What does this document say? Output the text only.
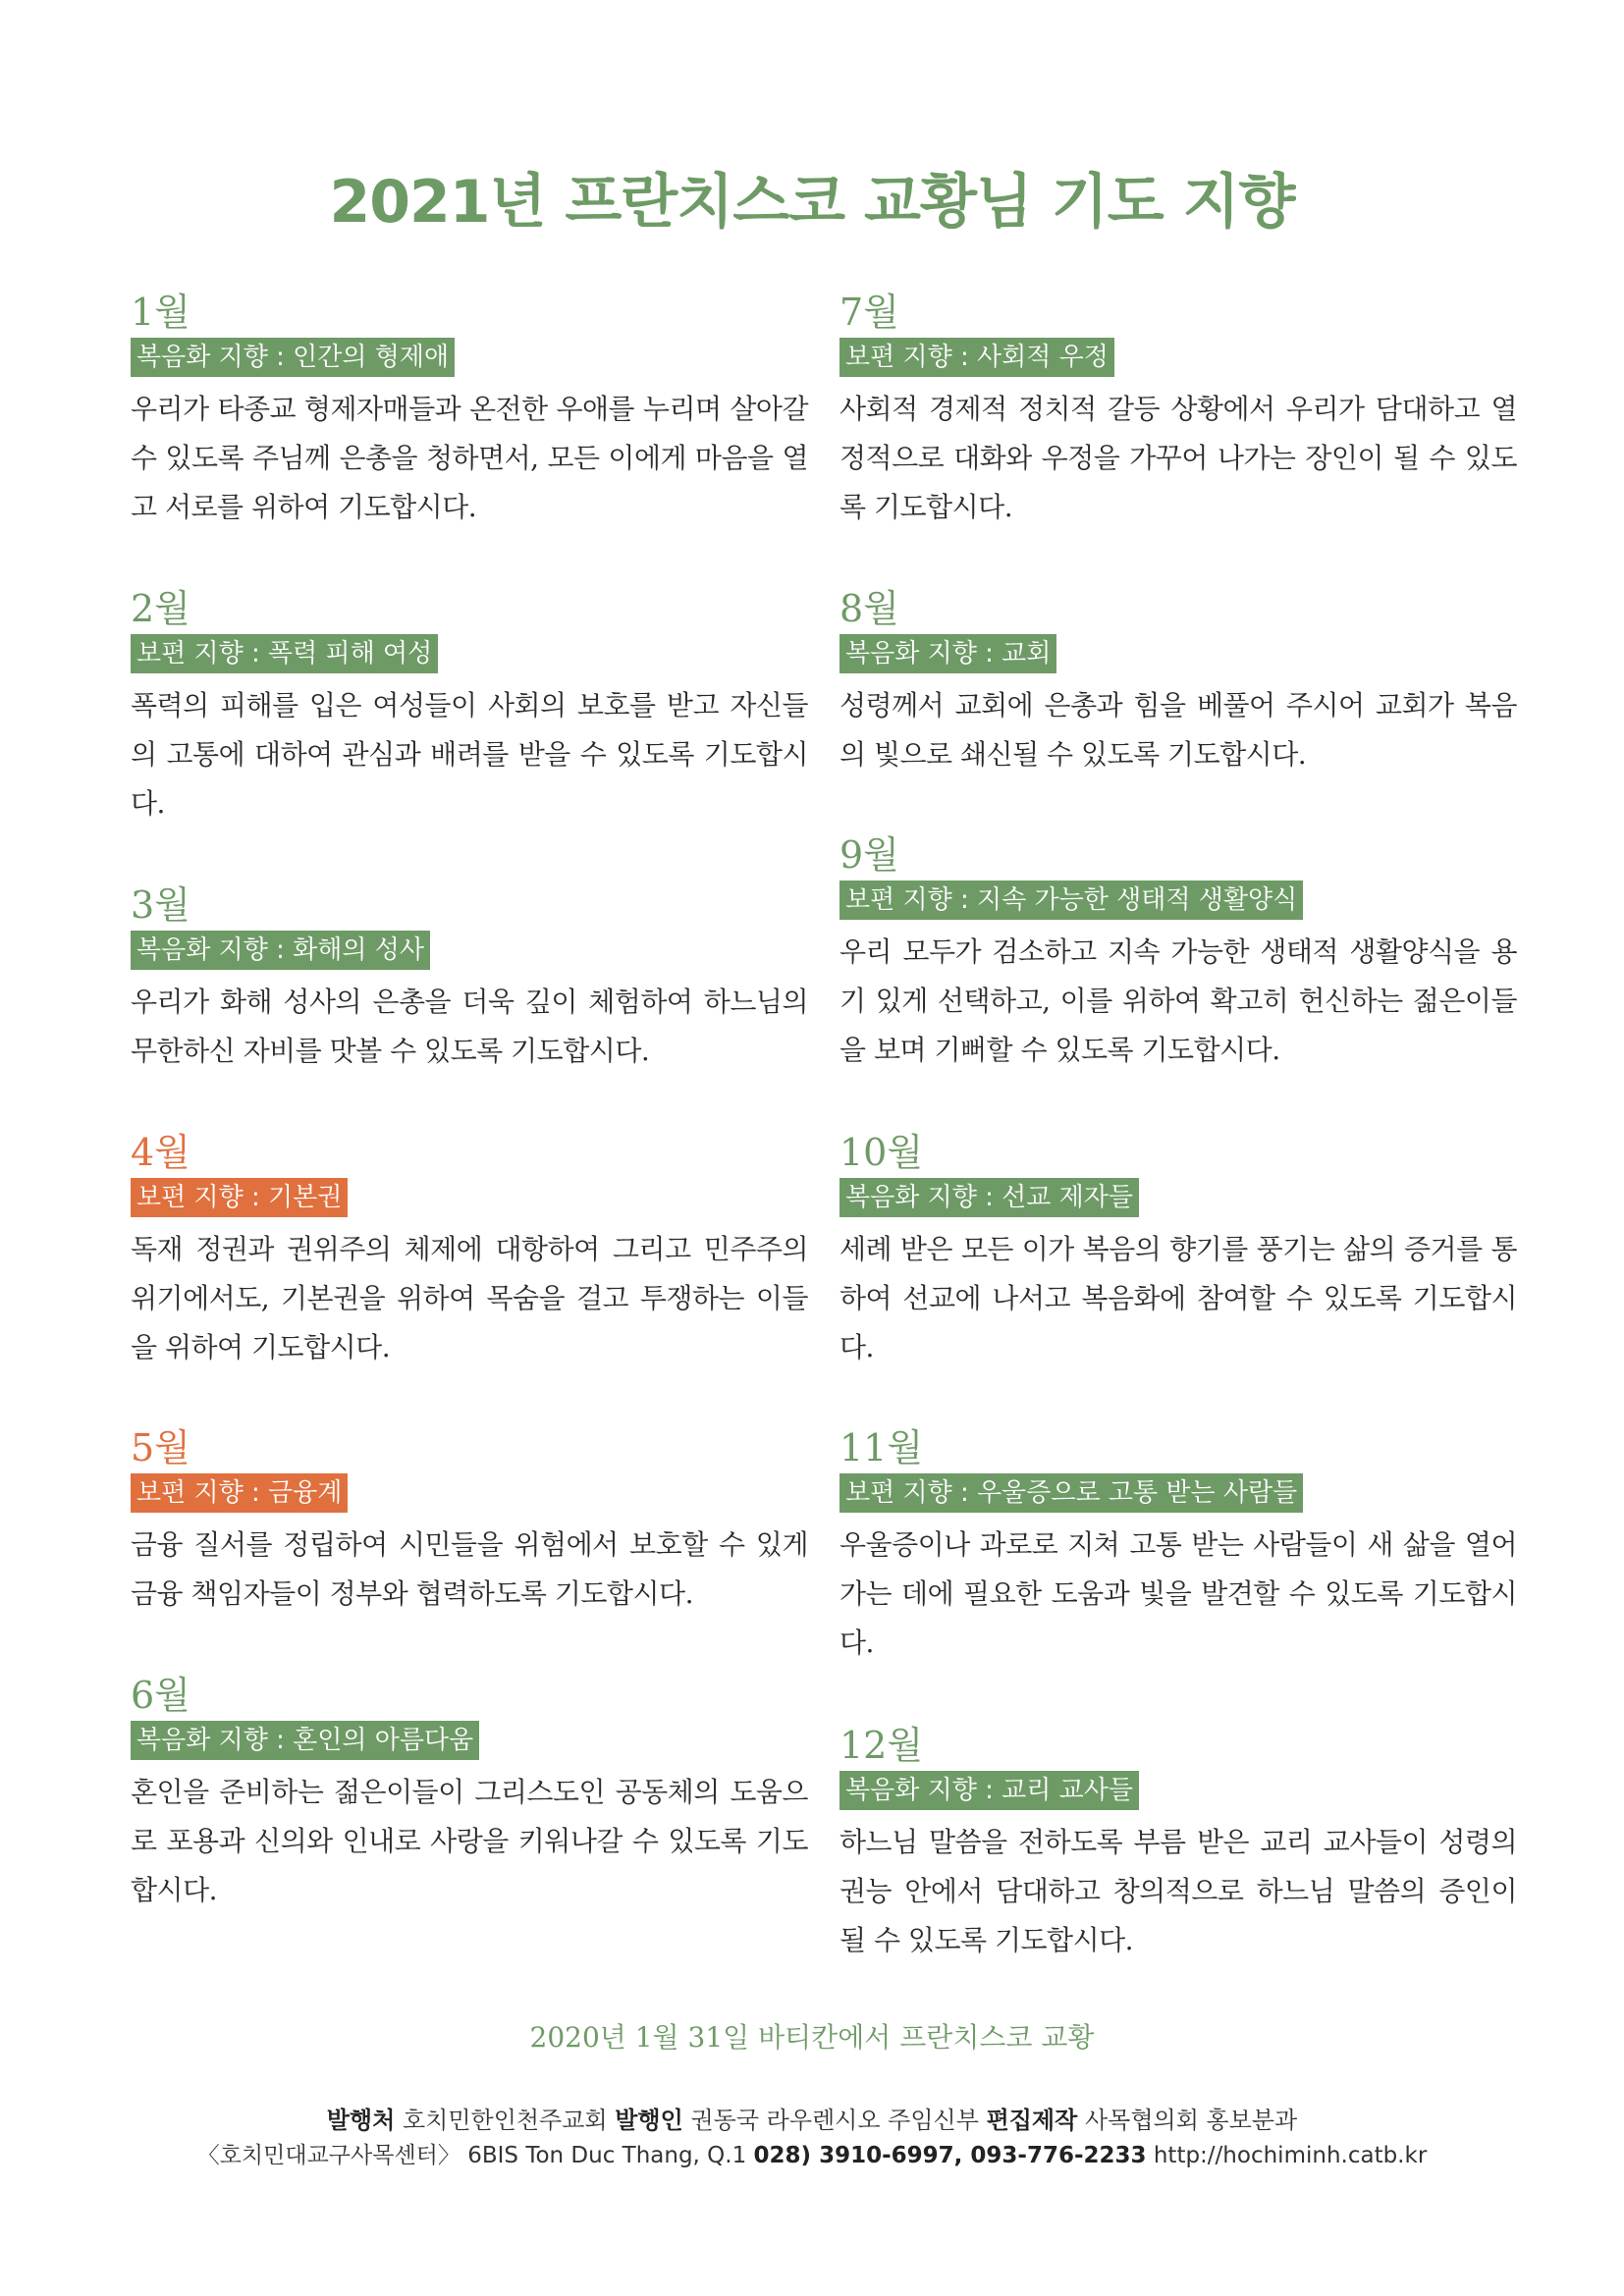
2021년 프란치스코 교황님 기도 지향
1월
복음화 지향 : 인간의 형제애
우리가 타종교 형제자매들과 온전한 우애를 누리며 살아갈 수 있도록 주님께 은총을 청하면서, 모든 이에게 마음을 열고 서로를 위하여 기도합시다.
2월
보편 지향 : 폭력 피해 여성
폭력의 피해를 입은 여성들이 사회의 보호를 받고 자신들의 고통에 대하여 관심과 배려를 받을 수 있도록 기도합시다.
3월
복음화 지향 : 화해의 성사
우리가 화해 성사의 은총을 더욱 깊이 체험하여 하느님의 무한하신 자비를 맛볼 수 있도록 기도합시다.
4월
보편 지향 : 기본권
독재 정권과 권위주의 체제에 대항하여 그리고 민주주의 위기에서도, 기본권을 위하여 목숨을 걸고 투쟁하는 이들을 위하여 기도합시다.
5월
보편 지향 : 금융계
금융 질서를 정립하여 시민들을 위험에서 보호할 수 있게 금융 책임자들이 정부와 협력하도록 기도합시다.
6월
복음화 지향 : 혼인의 아름다움
혼인을 준비하는 젊은이들이 그리스도인 공동체의 도움으로 포용과 신의와 인내로 사랑을 키워나갈 수 있도록 기도합시다.
7월
보편 지향 : 사회적 우정
사회적 경제적 정치적 갈등 상황에서 우리가 담대하고 열정적으로 대화와 우정을 가꾸어 나가는 장인이 될 수 있도록 기도합시다.
8월
복음화 지향 : 교회
성령께서 교회에 은총과 힘을 베풀어 주시어 교회가 복음의 빛으로 쇄신될 수 있도록 기도합시다.
9월
보편 지향 : 지속 가능한 생태적 생활양식
우리 모두가 검소하고 지속 가능한 생태적 생활양식을 용기 있게 선택하고, 이를 위하여 확고히 헌신하는 젊은이들을 보며 기뻐할 수 있도록 기도합시다.
10월
복음화 지향 : 선교 제자들
세례 받은 모든 이가 복음의 향기를 풍기는 삶의 증거를 통하여 선교에 나서고 복음화에 참여할 수 있도록 기도합시다.
11월
보편 지향 : 우울증으로 고통 받는 사람들
우울증이나 과로로 지쳐 고통 받는 사람들이 새 삶을 열어 가는 데에 필요한 도움과 빛을 발견할 수 있도록 기도합시다.
12월
복음화 지향 : 교리 교사들
하느님 말씀을 전하도록 부름 받은 교리 교사들이 성령의 권능 안에서 담대하고 창의적으로 하느님 말씀의 증인이 될 수 있도록 기도합시다.
2020년 1월 31일 바티칸에서 프란치스코 교황
발행처 호치민한인천주교회 발행인 권동국 라우렌시오 주임신부 편집제작 사목협의회 홍보분과
〈호치민대교구사목센터〉 6BIS Ton Duc Thang, Q.1 028) 3910-6997, 093-776-2233 http://hochiminh.catb.kr
